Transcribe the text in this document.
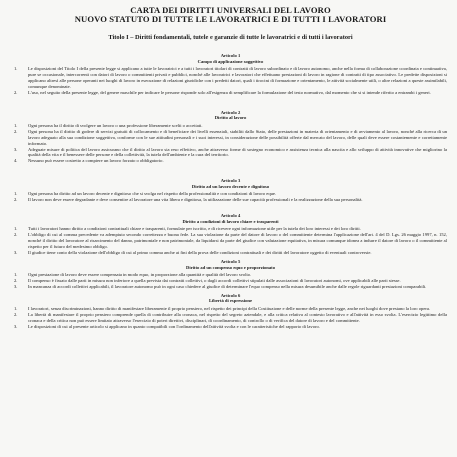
CARTA DEI DIRITTI UNIVERSALI DEL LAVORO
NUOVO STATUTO DI TUTTE LE LAVORATRICI E DI TUTTI I LAVORATORI
Titolo I – Diritti fondamentali, tutele e garanzie di tutte le lavoratrici e di tutti i lavoratori

Articolo 1

Campo di applicazione soggettivo

1.	Le disposizioni del Titolo I della presente legge si applicano a tutte le lavoratrici e a tutti i lavoratori titolari di contratti di lavoro subordinato e di lavoro autonomo, anche nella forma di collaborazione coordinata e continuativa, pure se occasionale, intercorrenti con datori di lavoro o committenti privati e pubblici, nonché alle lavoratrici e lavoratori che effettuano prestazioni di lavoro in ragione di contratti di tipo associativo. Le predette disposizioni si applicano altresì alle persone operanti nei luoghi di lavoro in esecuzione di relazioni giuridiche con i predetti datori, quali i tirocini di formazione e orientamento, le attività socialmente utili, o altre relazioni a queste assimilabili, comunque denominate.
2.	L'uso, nel seguito della presente legge, del genere maschile per indicare le persone risponde solo all'esigenza di semplificare la formulazione del testo normativo, dal momento che si si intende riferito a entrambi i generi.

Articolo 2

Diritto al lavoro

1.	Ogni persona ha il diritto di svolgere un lavoro o una professione liberamente scelti o accettati.
2.	Ogni persona ha il diritto di godere di servizi gratuiti di collocamento e di beneficiare dei livelli essenziali, stabiliti dallo Stato, delle prestazioni in materia di orientamento e di avviamento al lavoro, nonché alla ricerca di un lavoro adeguato alla sua condizione soggettiva, conforme con le sue attitudini personali e i suoi interessi, in considerazione delle possibilità offerte dal mercato del lavoro, delle quali deve essere costantemente e correttamente informato.
3.	Adeguate misure di politica del lavoro assicurano che il diritto al lavoro sia reso effettivo, anche attraverso forme di sostegno economico e assistenza tecnica alla nascita e allo sviluppo di attività innovative che migliorino la qualità della vita e il benessere delle persone e della collettività, la tutela dell'ambiente e la cura del territorio.
4.	Nessuno può essere costretto a compiere un lavoro forzato o obbligatorio.

Articolo 3

Diritto ad un lavoro decente e dignitoso

1.	Ogni persona ha diritto ad un lavoro decente e dignitoso che si svolga nel rispetto della professionalità e con condizioni di lavoro eque.
2.	Il lavoro non deve essere degradante e deve consentire al lavoratore una vita libera e dignitosa, la utilizzazione delle sue capacità professionali e la realizzazione della sua personalità.

Articolo 4

Diritto a condizioni di lavoro chiare e trasparenti

1.	Tutti i lavoratori hanno diritto a condizioni contrattuali chiare e trasparenti, formulate per iscritto, e di ricevere ogni informazione utile per la tutela dei loro interessi e dei loro diritti.
2.	L'obbligo di cui al comma precedente va adempiuto secondo correttezza e buona fede. La sua violazione da parte del datore di lavoro o del committente determina l'applicazione dell'art. 4 del D. Lgs. 26 maggio 1997, n. 152, nonché il diritto del lavoratore al risarcimento del danno, patrimoniale e non patrimoniale, da liquidarsi da parte del giudice con valutazione equitativa, in misura comunque idonea a indurre il datore di lavoro o il committente al rispetto per il futuro del medesimo obbligo.
3.	Il giudice tiene conto della violazione dell'obbligo di cui al primo comma anche ai fini della prova delle condizioni contrattuali e dei diritti del lavoratore oggetto di eventuali controversie.

Articolo 5

Diritto ad un compenso equo e proporzionato

1.	Ogni prestazione di lavoro deve essere compensata in modo equo, in proporzione alla quantità e qualità del lavoro svolto.
2.	Il compenso è fissato dalle parti in misura non inferiore a quella prevista dai contratti collettivi, o dagli accordi collettivi stipulati dalle associazioni di lavoratori autonomi, ove applicabili alle parti stesse.
3.	In mancanza di accordi collettivi applicabili, il lavoratore autonomo può in ogni caso chiedere al giudice di determinare l'equo compenso nella misura desumibile anche dalle regole riguardanti prestazioni comparabili.

Articolo 6

Libertà di espressione

1.	I lavoratori, senza discriminazioni, hanno diritto di manifestare liberamente il proprio pensiero, nel rispetto dei principi della Costituzione e delle norme della presente legge, anche nei luoghi dove prestano la loro opera.
2.	La libertà di manifestare il proprio pensiero comprende quella di contribuire alla cronaca, nel rispetto del segreto aziendale, e alla critica relativa al contesto lavorativo e all'attività in esso svolta. L'esercizio legittimo della cronaca e della critica non può essere limitato attraverso l'esercizio di poteri direttivi, disciplinari, di coordinamento, di controllo o di verifica del datore di lavoro e del committente.
3.	Le disposizioni di cui al presente articolo si applicano in quanto compatibili con l'ordinamento dell'attività svolta e con le caratteristiche del rapporto di lavoro.
